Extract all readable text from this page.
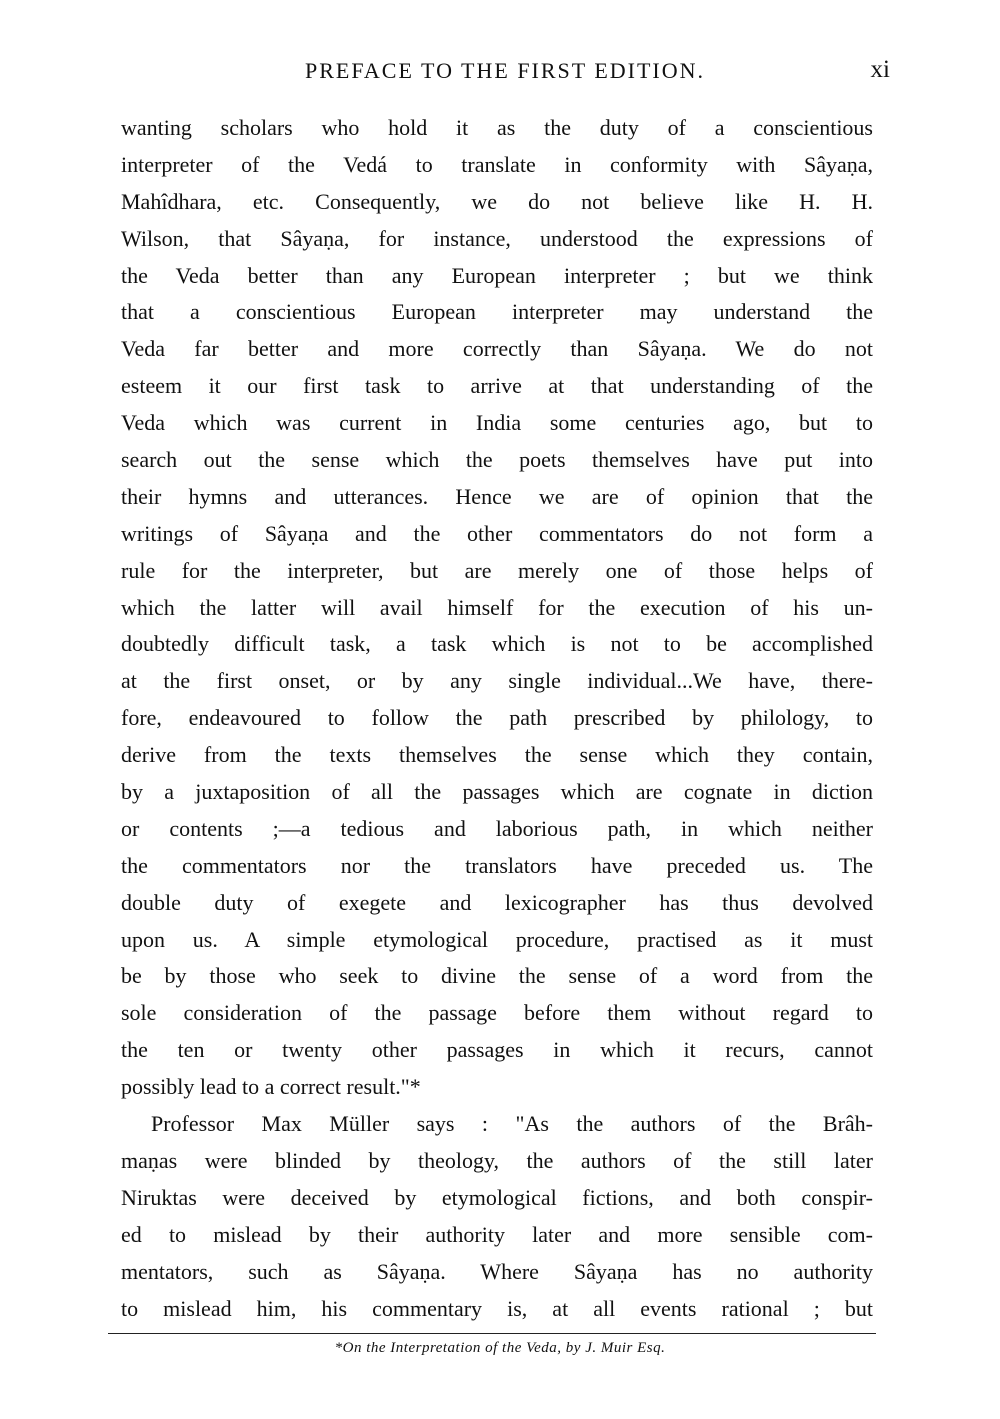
PREFACE TO THE FIRST EDITION.	xi
wanting scholars who hold it as the duty of a conscientious
interpreter of the Vedá to translate in conformity with Sâyaṇa,
Mahîdhara, etc. Consequently, we do not believe like H. H.
Wilson, that Sâyaṇa, for instance, understood the expressions of
the Veda better than any European interpreter ; but we think
that a conscientious European interpreter may understand the
Veda far better and more correctly than Sâyaṇa. We do not
esteem it our first task to arrive at that understanding of the
Veda which was current in India some centuries ago, but to
search out the sense which the poets themselves have put into
their hymns and utterances. Hence we are of opinion that the
writings of Sâyaṇa and the other commentators do not form a
rule for the interpreter, but are merely one of those helps of
which the latter will avail himself for the execution of his un-
doubtedly difficult task, a task which is not to be accomplished
at the first onset, or by any single individual...We have, there-
fore, endeavoured to follow the path prescribed by philology, to
derive from the texts themselves the sense which they contain,
by a juxtaposition of all the passages which are cognate in diction
or contents ;—a tedious and laborious path, in which neither
the commentators nor the translators have preceded us. The
double duty of exegete and lexicographer has thus devolved
upon us. A simple etymological procedure, practised as it must
be by those who seek to divine the sense of a word from the
sole consideration of the passage before them without regard to
the ten or twenty other passages in which it recurs, cannot
possibly lead to a correct result."*
Professor Max Müller says : "As the authors of the Brâh-
maṇas were blinded by theology, the authors of the still later
Niruktas were deceived by etymological fictions, and both conspir-
ed to mislead by their authority later and more sensible com-
mentators, such as Sâyaṇa. Where Sâyaṇa has no authority
to mislead him, his commentary is, at all events rational ; but
*On the Interpretation of the Veda, by J. Muir Esq.
